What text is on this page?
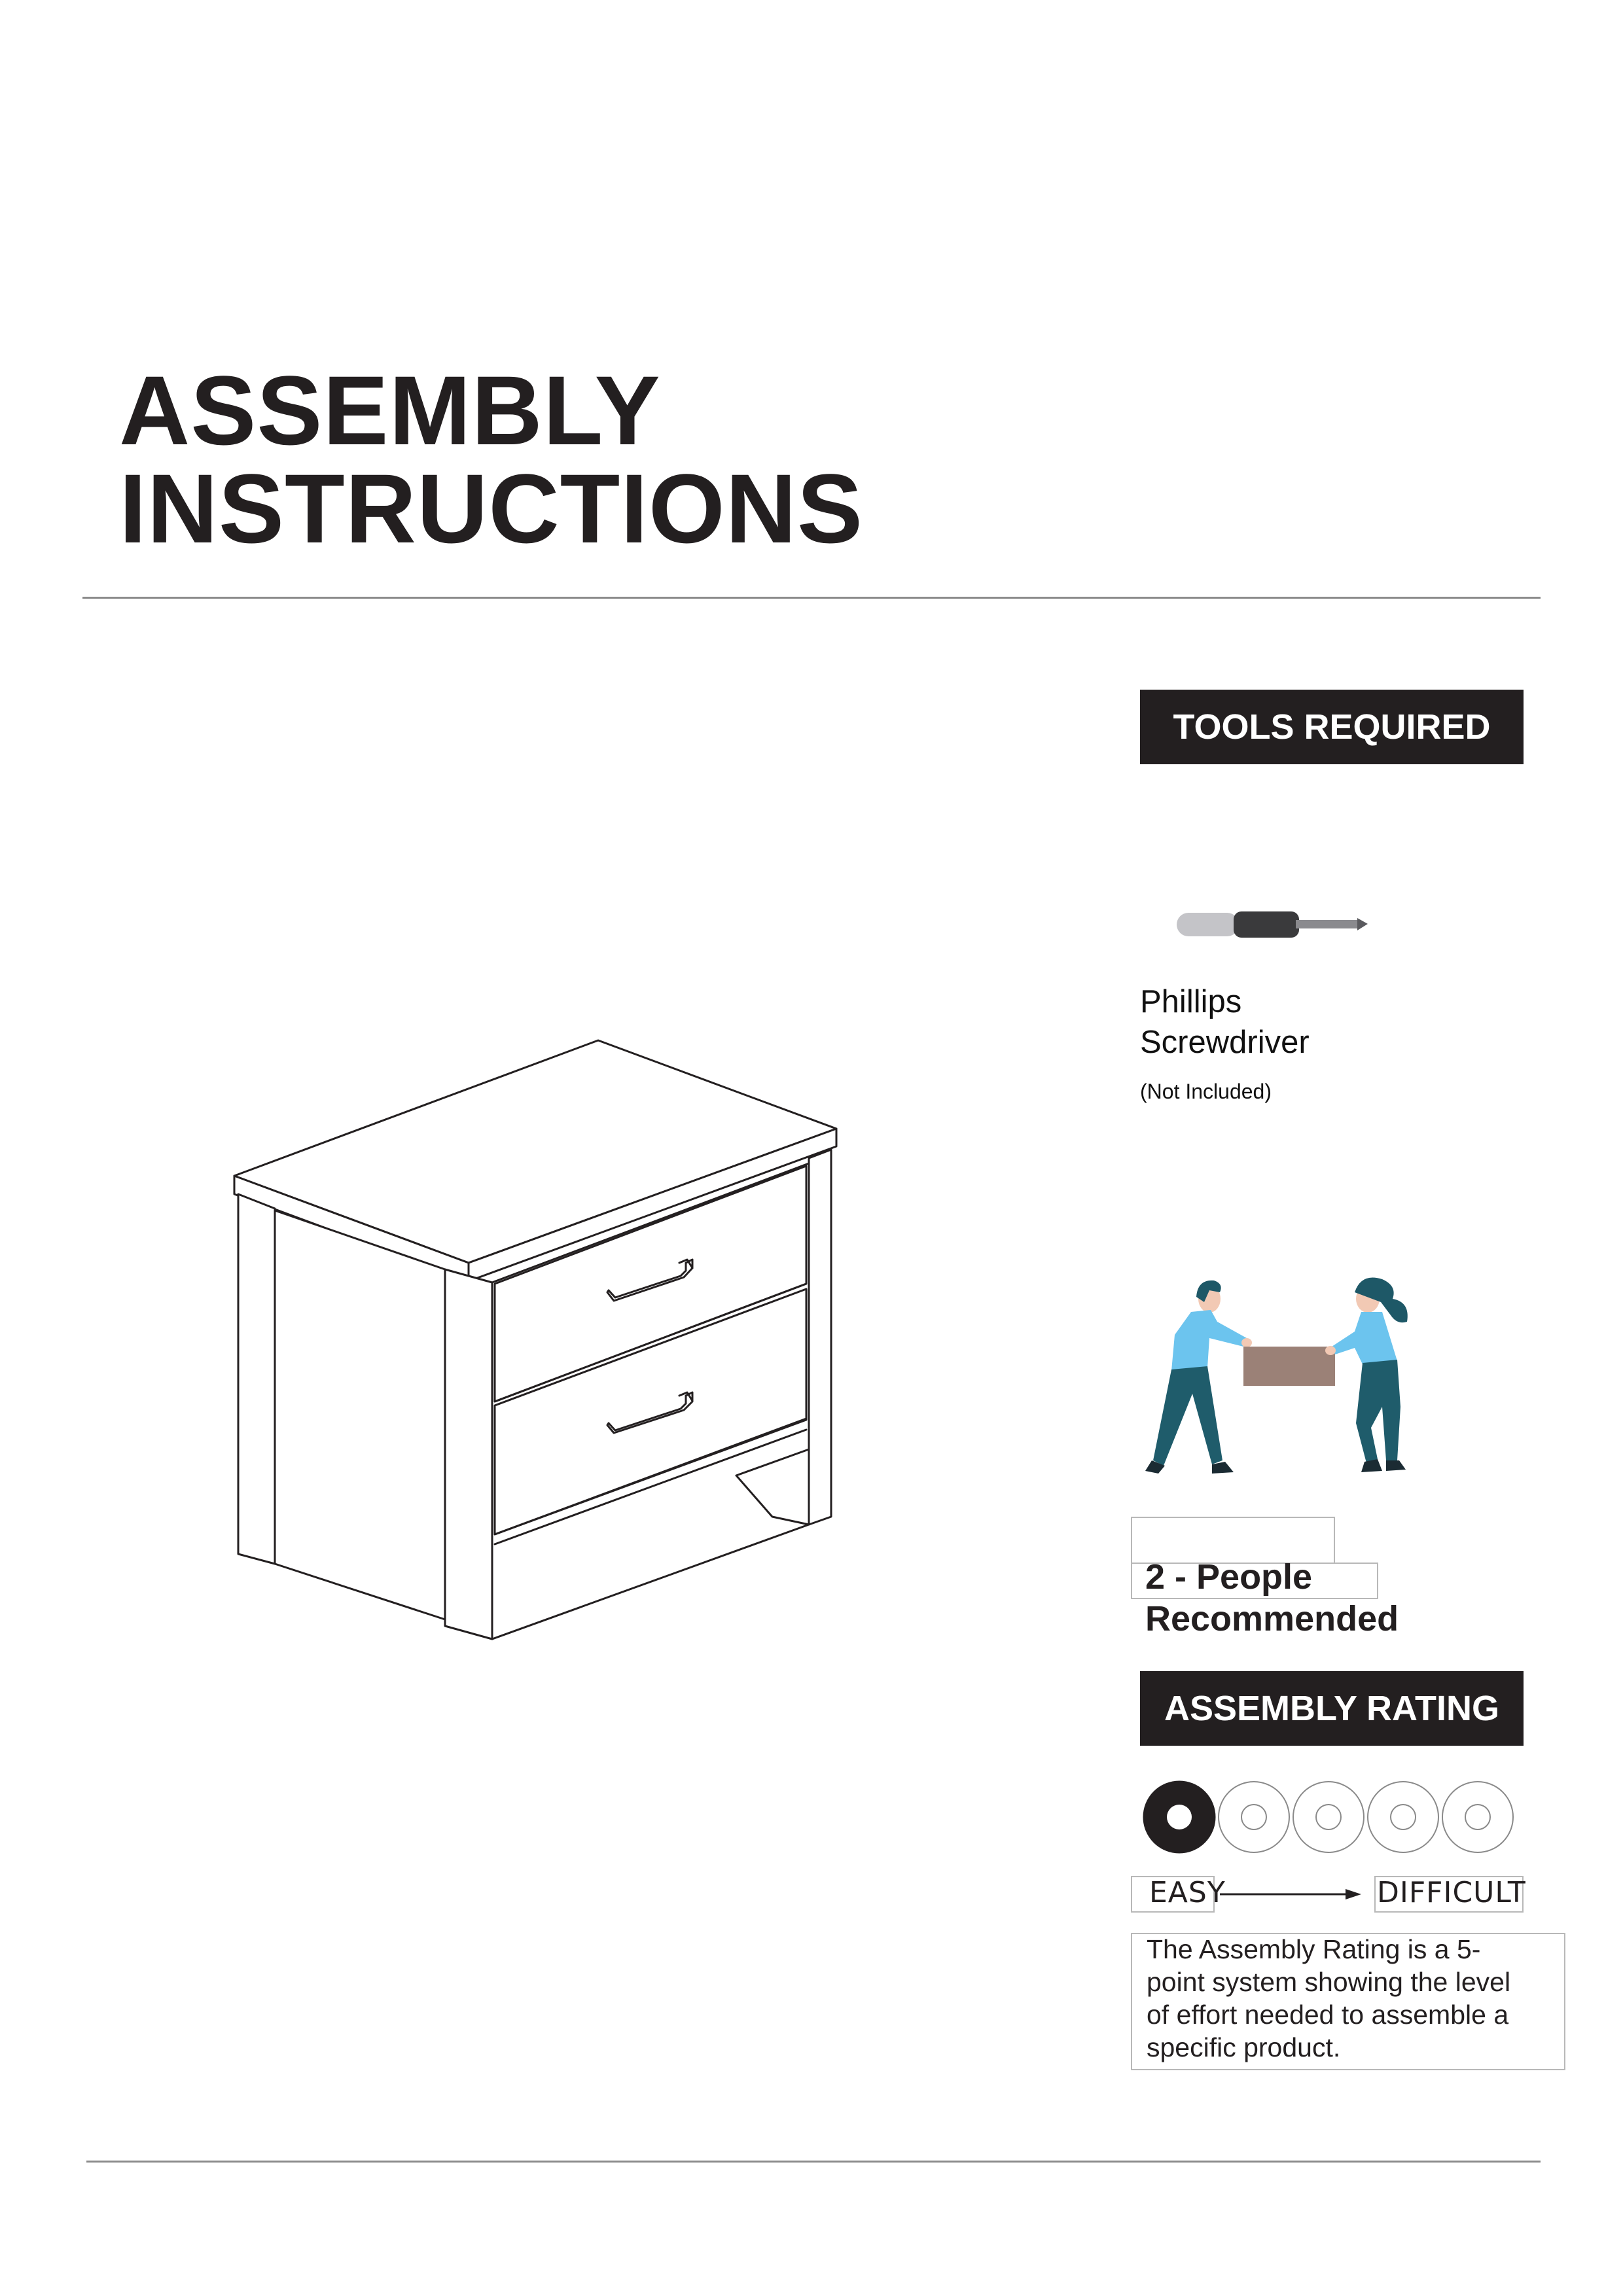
ASSEMBLY
INSTRUCTIONS
TOOLS REQUIRED
Phillips
Screwdriver
(Not Included)
2 - People
Recommended
ASSEMBLY RATING
EASY	DIFFICULT
The Assembly Rating is a 5-point system showing the level of effort needed to assemble a specific product.
